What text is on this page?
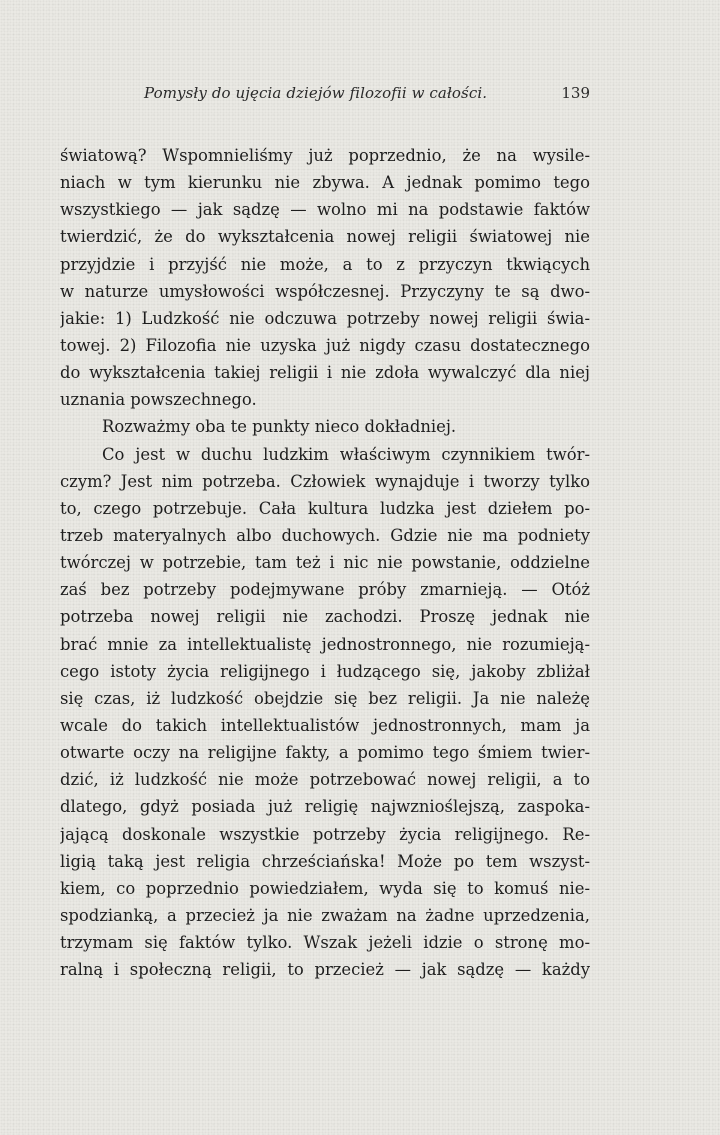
Pomysły do ujęcia dziejów filozofii w całości.	139
światową? Wspomnieliśmy już poprzednio, że na wysile-
niach w tym kierunku nie zbywa. A jednak pomimo tego
wszystkiego — jak sądzę — wolno mi na podstawie faktów
twierdzić, że do wykształcenia nowej religii światowej nie
przyjdzie i przyjść nie może, a to z przyczyn tkwiących
w naturze umysłowości współczesnej. Przyczyny te są dwo-
jakie: 1) Ludzkość nie odczuwa potrzeby nowej religii świa-
towej. 2) Filozofia nie uzyska już nigdy czasu dostatecznego
do wykształcenia takiej religii i nie zdoła wywalczyć dla niej
uznania powszechnego.
Rozważmy oba te punkty nieco dokładniej.
Co jest w duchu ludzkim właściwym czynnikiem twór-
czym? Jest nim potrzeba. Człowiek wynajduje i tworzy tylko
to, czego potrzebuje. Cała kultura ludzka jest dziełem po-
trzeb materyalnych albo duchowych. Gdzie nie ma podniety
twórczej w potrzebie, tam też i nic nie powstanie, oddzielne
zaś bez potrzeby podejmywane próby zmarnieją. — Otóż
potrzeba nowej religii nie zachodzi. Proszę jednak nie
brać mnie za intellektualistę jednostronnego, nie rozumieją-
cego istoty życia religijnego i łudzącego się, jakoby zbliżał
się czas, iż ludzkość obejdzie się bez religii. Ja nie należę
wcale do takich intellektualistów jednostronnych, mam ja
otwarte oczy na religijne fakty, a pomimo tego śmiem twier-
dzić, iż ludzkość nie może potrzebować nowej religii, a to
dlatego, gdyż posiada już religię najwznioślejszą, zaspoka-
jającą doskonale wszystkie potrzeby życia religijnego. Re-
ligią taką jest religia chrześciańska! Może po tem wszyst-
kiem, co poprzednio powiedziałem, wyda się to komuś nie-
spodzianką, a przecież ja nie zważam na żadne uprzedzenia,
trzymam się faktów tylko. Wszak jeżeli idzie o stronę mo-
ralną i społeczną religii, to przecież — jak sądzę — każdy
